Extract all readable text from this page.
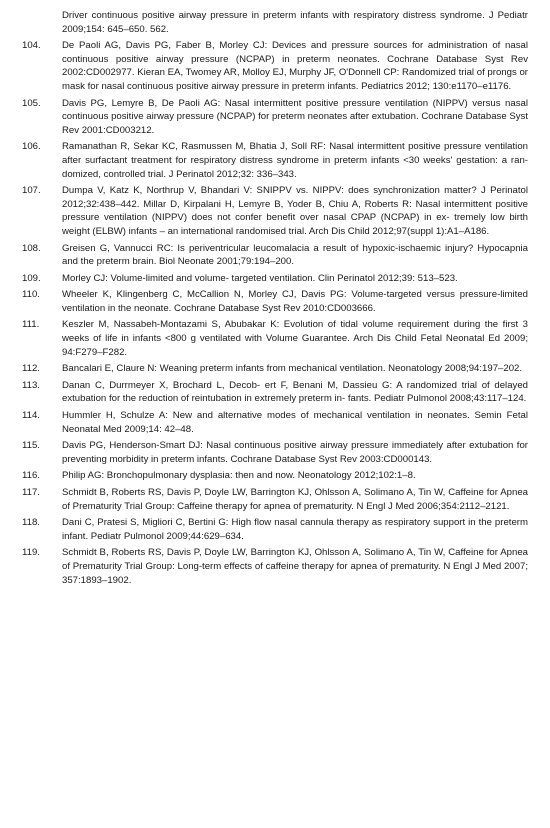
Driver continuous positive airway pressure in preterm infants with respiratory distress syndrome. J Pediatr 2009;154: 645–650. 562.
104.	De Paoli AG, Davis PG, Faber B, Morley CJ: Devices and pressure sources for administration of nasal continuous positive airway pressure (NCPAP) in preterm neonates. Cochrane Database Syst Rev 2002:CD002977. Kieran EA, Twomey AR, Molloy EJ, Murphy JF, O'Donnell CP: Randomized trial of prongs or mask for nasal continuous positive airway pressure in preterm infants. Pediatrics 2012; 130:e1170–e1176.
105.	Davis PG, Lemyre B, De Paoli AG: Nasal intermittent positive pressure ventilation (NIPPV) versus nasal continuous positive airway pressure (NCPAP) for preterm neonates after extubation. Cochrane Database Syst Rev 2001:CD003212.
106.	Ramanathan R, Sekar KC, Rasmussen M, Bhatia J, Soll RF: Nasal intermittent positive pressure ventilation after surfactant treatment for respiratory distress syndrome in preterm infants <30 weeks' gestation: a ran- domized, controlled trial. J Perinatol 2012;32: 336–343.
107.	Dumpa V, Katz K, Northrup V, Bhandari V: SNIPPV vs. NIPPV: does synchronization matter? J Perinatol 2012;32:438–442. Millar D, Kirpalani H, Lemyre B, Yoder B, Chiu A, Roberts R: Nasal intermittent positive pressure ventilation (NIPPV) does not confer benefit over nasal CPAP (NCPAP) in ex- tremely low birth weight (ELBW) infants – an international randomised trial. Arch Dis Child 2012;97(suppl 1):A1–A186.
108.	Greisen G, Vannucci RC: Is periventricular leucomalacia a result of hypoxic-ischaemic injury? Hypocapnia and the preterm brain. Biol Neonate 2001;79:194–200.
109.	Morley CJ: Volume-limited and volume- targeted ventilation. Clin Perinatol 2012;39: 513–523.
110.	Wheeler K, Klingenberg C, McCallion N, Morley CJ, Davis PG: Volume-targeted versus pressure-limited ventilation in the neonate. Cochrane Database Syst Rev 2010:CD003666.
111.	Keszler M, Nassabeh-Montazami S, Abubakar K: Evolution of tidal volume requirement during the first 3 weeks of life in infants <800 g ventilated with Volume Guarantee. Arch Dis Child Fetal Neonatal Ed 2009; 94:F279–F282.
112.	Bancalari E, Claure N: Weaning preterm infants from mechanical ventilation. Neonatology 2008;94:197–202.
113.	Danan C, Durrmeyer X, Brochard L, Decob- ert F, Benani M, Dassieu G: A randomized trial of delayed extubation for the reduction of reintubation in extremely preterm in- fants. Pediatr Pulmonol 2008;43:117–124.
114.	Hummler H, Schulze A: New and alternative modes of mechanical ventilation in neonates. Semin Fetal Neonatal Med 2009;14: 42–48.
115.	Davis PG, Henderson-Smart DJ: Nasal continuous positive airway pressure immediately after extubation for preventing morbidity in preterm infants. Cochrane Database Syst Rev 2003:CD000143.
116.	Philip AG: Bronchopulmonary dysplasia: then and now. Neonatology 2012;102:1–8.
117.	Schmidt B, Roberts RS, Davis P, Doyle LW, Barrington KJ, Ohlsson A, Solimano A, Tin W, Caffeine for Apnea of Prematurity Trial Group: Caffeine therapy for apnea of prematurity. N Engl J Med 2006;354:2112–2121.
118.	Dani C, Pratesi S, Migliori C, Bertini G: High flow nasal cannula therapy as respiratory support in the preterm infant. Pediatr Pulmonol 2009;44:629–634.
119.	Schmidt B, Roberts RS, Davis P, Doyle LW, Barrington KJ, Ohlsson A, Solimano A, Tin W, Caffeine for Apnea of Prematurity Trial Group: Long-term effects of caffeine therapy for apnea of prematurity. N Engl J Med 2007; 357:1893–1902.
